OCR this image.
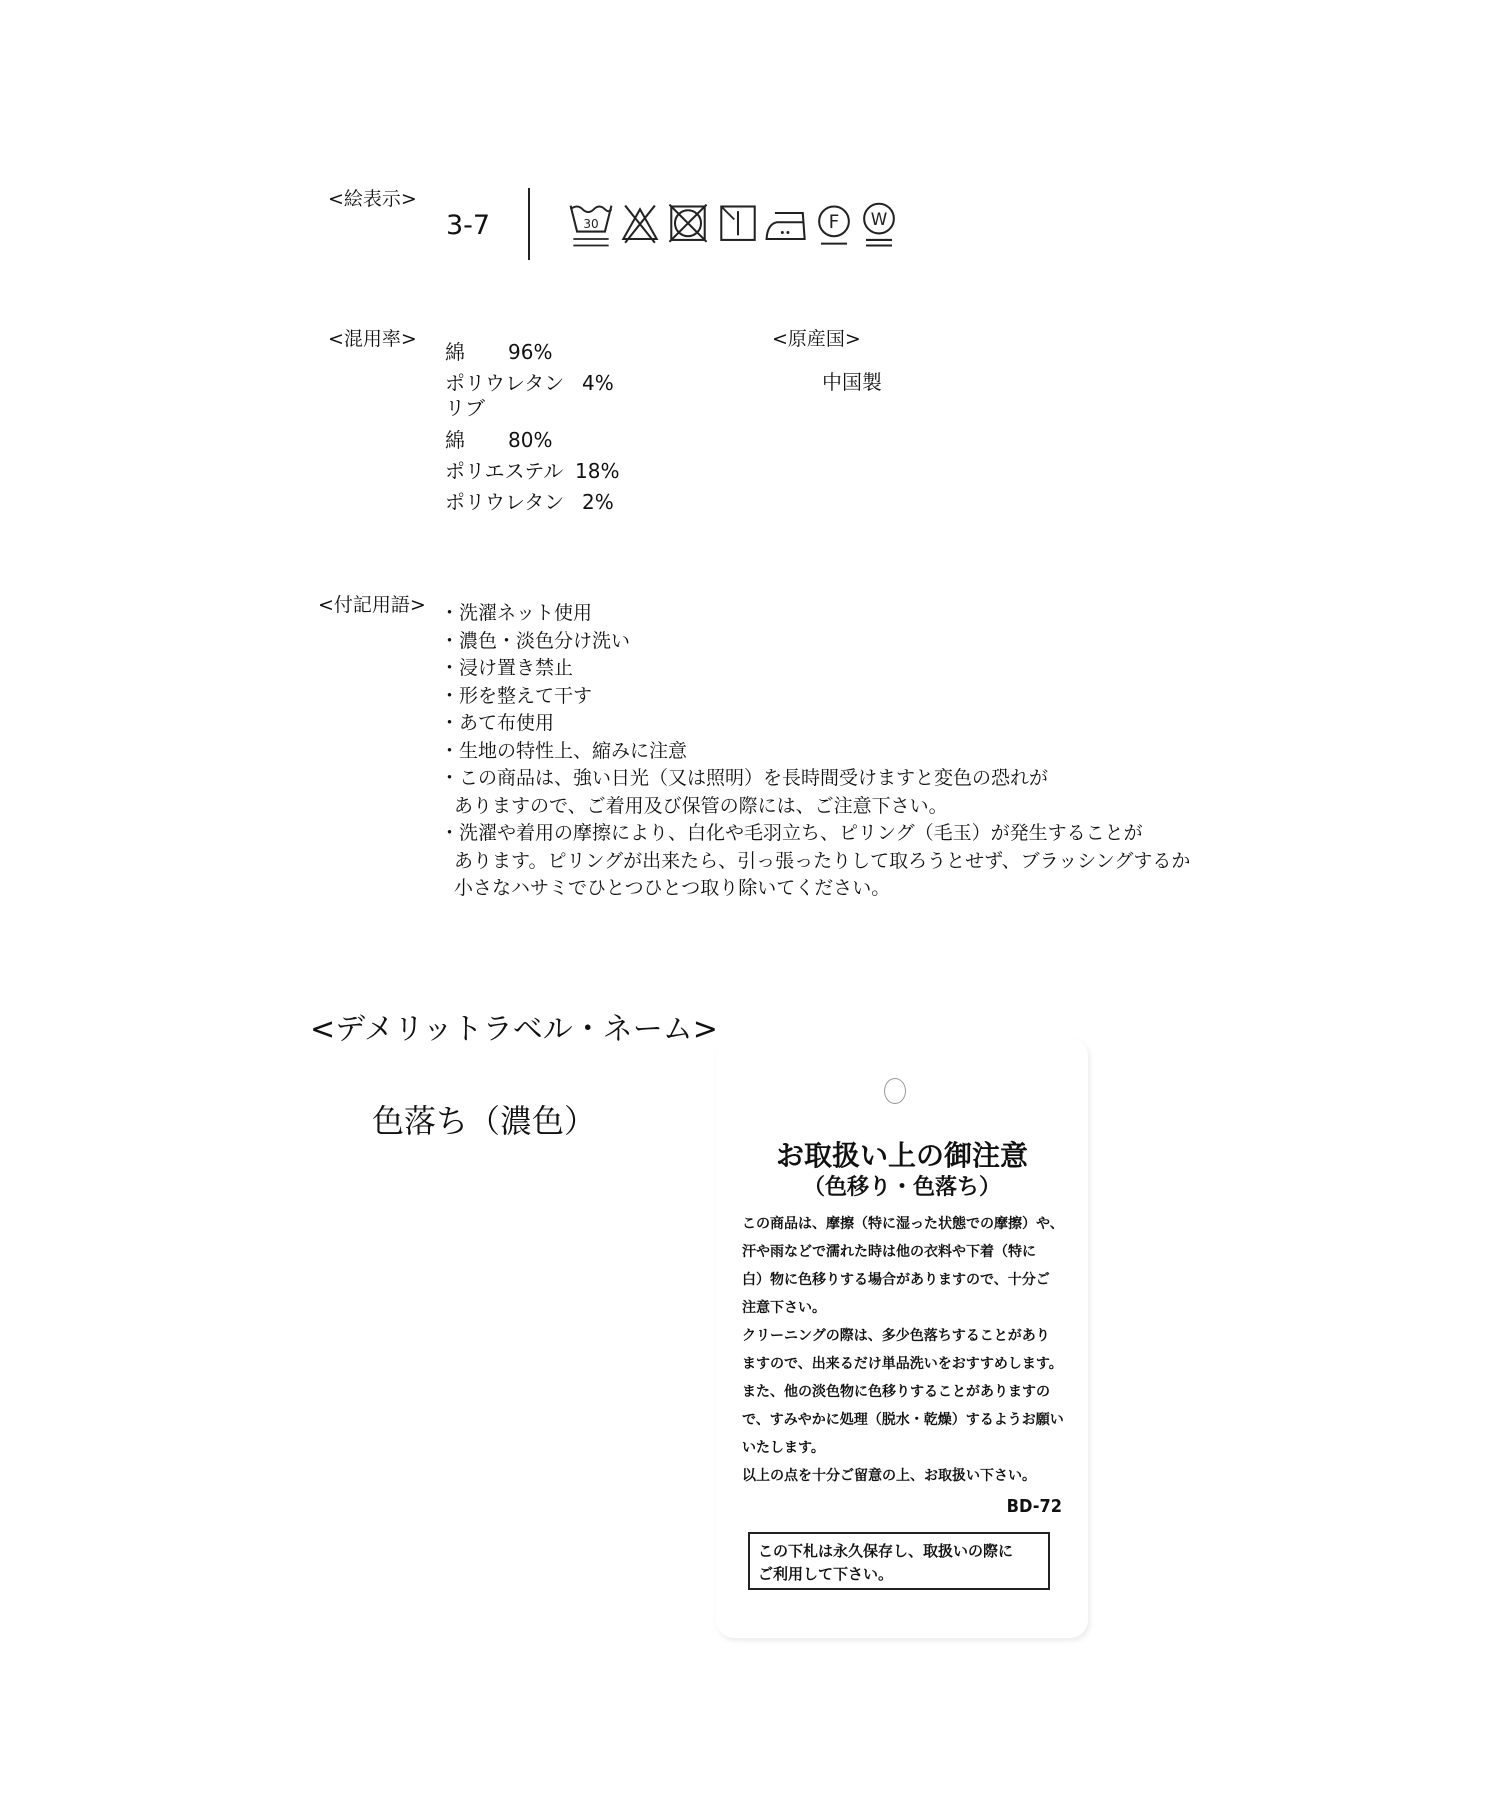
<絵表示>
3-7	30	F W
<混用率>
綿 96%
ポリウレタン 4%
リブ
綿 80%
ポリエステル 18%
ポリウレタン 2%
<原産国>
中国製
<付記用語> ・洗濯ネット使用
・濃色・淡色分け洗い
・浸け置き禁止
・形を整えて干す
・あて布使用
・生地の特性上、縮みに注意
・この商品は、強い日光（又は照明）を長時間受けますと変色の恐れが
ありますので、ご着用及び保管の際には、ご注意下さい。
・洗濯や着用の摩擦により、白化や毛羽立ち、ピリング（毛玉）が発生することが
あります。ピリングが出来たら、引っ張ったりして取ろうとせず、ブラッシングするか
小さなハサミでひとつひとつ取り除いてください。
<デメリットラベル・ネーム>
色落ち（濃色）
お取扱い上の御注意
（色移り・色落ち）
この商品は、摩擦（特に湿った状態での摩擦）や、
汗や雨などで濡れた時は他の衣料や下着（特に
白）物に色移りする場合がありますので、十分ご
注意下さい。
クリーニングの際は、多少色落ちすることがあり
ますので、出来るだけ単品洗いをおすすめします。
また、他の淡色物に色移りすることがありますの
で、すみやかに処理（脱水・乾燥）するようお願い
いたします。
以上の点を十分ご留意の上、お取扱い下さい。
BD-72
この下札は永久保存し、取扱いの際に
ご利用して下さい。
